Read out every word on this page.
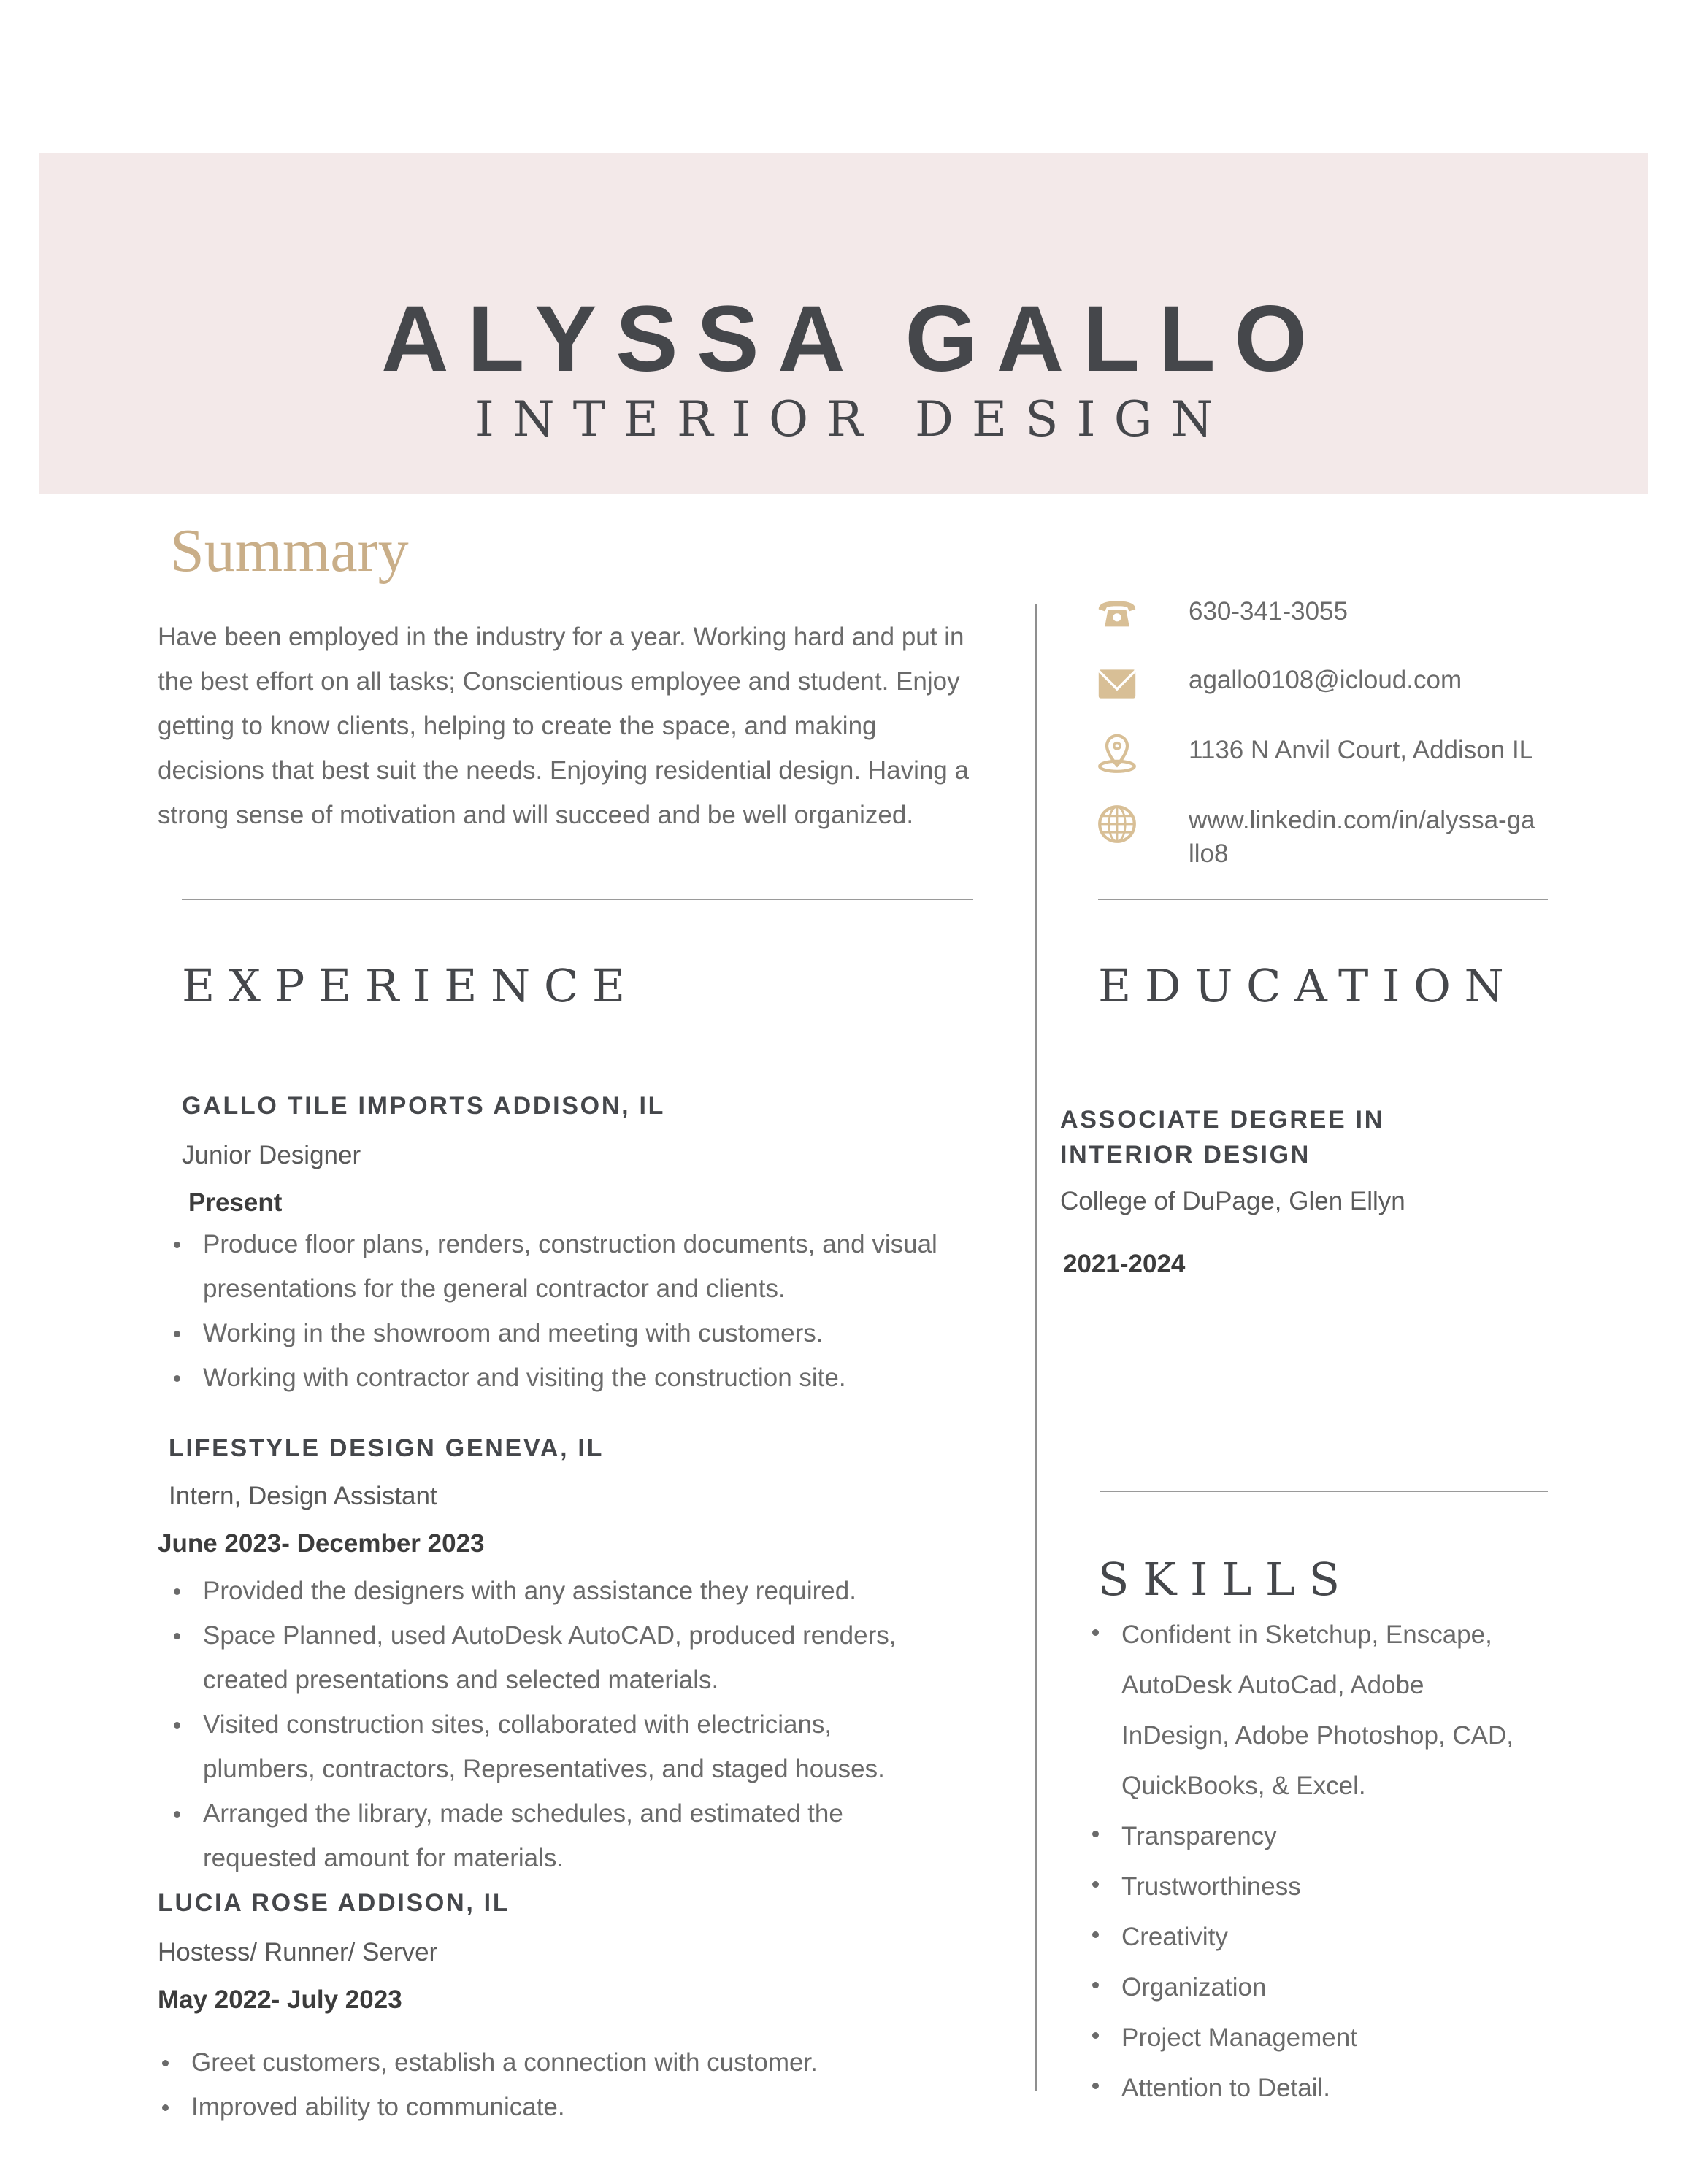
ALYSSA GALLO
INTERIOR DESIGN
Summary
Have been employed in the industry for a year. Working hard and put in the best effort on all tasks; Conscientious employee and student. Enjoy getting to know clients, helping to create the space, and making decisions that best suit the needs. Enjoying residential design. Having a strong sense of motivation and will succeed and be well organized.
630-341-3055
agallo0108@icloud.com
1136 N Anvil Court, Addison IL
www.linkedin.com/in/alyssa-gallo8
EXPERIENCE
GALLO TILE IMPORTS ADDISON, IL
Junior Designer
Present
Produce floor plans, renders, construction documents, and visual presentations for the general contractor and clients.
Working in the showroom and meeting with customers.
Working with contractor and visiting the construction site.
LIFESTYLE DESIGN GENEVA, IL
Intern, Design Assistant
June 2023- December 2023
Provided the designers with any assistance they required.
Space Planned, used AutoDesk AutoCAD, produced renders, created presentations and selected materials.
Visited construction sites, collaborated with electricians, plumbers, contractors, Representatives, and staged houses.
Arranged the library, made schedules, and estimated the requested amount for materials.
LUCIA ROSE ADDISON, IL
Hostess/ Runner/ Server
May 2022- July 2023
Greet customers, establish a connection with customer.
Improved ability to communicate.
EDUCATION
ASSOCIATE DEGREE IN INTERIOR DESIGN
College of DuPage, Glen Ellyn
2021-2024
SKILLS
Confident in Sketchup, Enscape, AutoDesk AutoCad, Adobe InDesign, Adobe Photoshop, CAD, QuickBooks, & Excel.
Transparency
Trustworthiness
Creativity
Organization
Project Management
Attention to Detail.
